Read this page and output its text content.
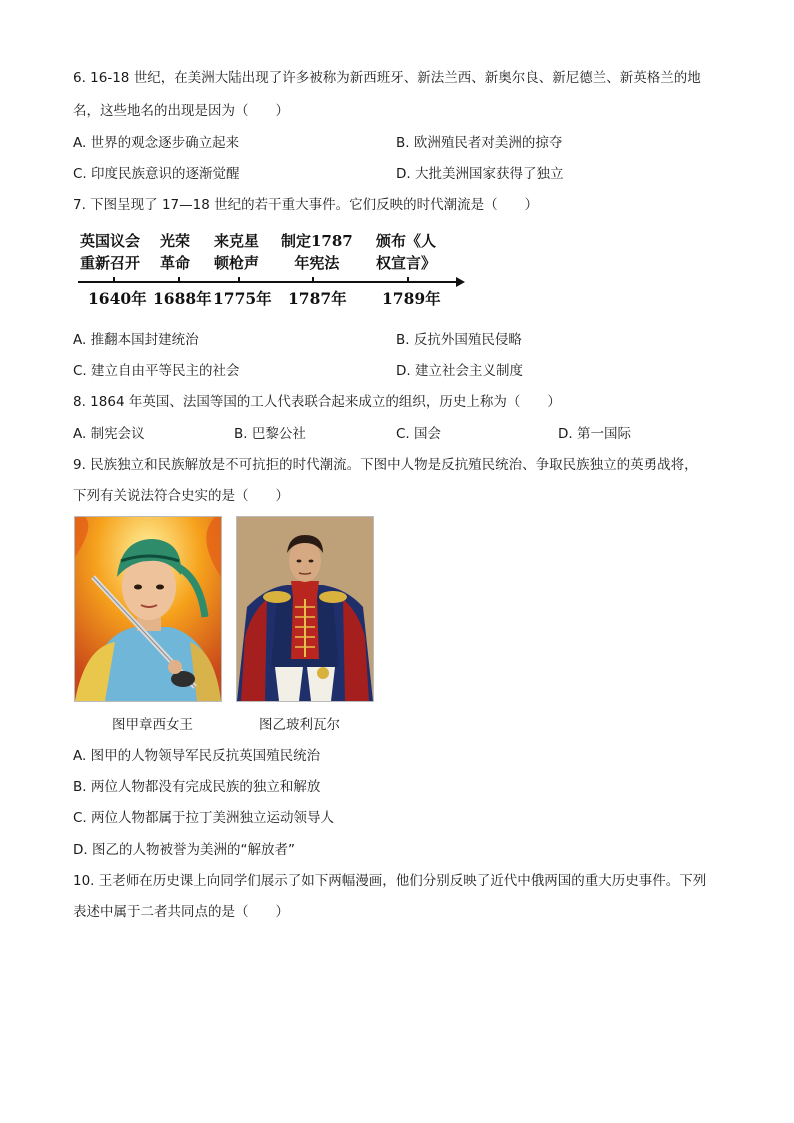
6. 16-18 世纪，在美洲大陆出现了许多被称为新西班牙、新法兰西、新奥尔良、新尼德兰、新英格兰的地
名，这些地名的出现是因为（　　）
A. 世界的观念逐步确立起来	B. 欧洲殖民者对美洲的掠夺
C. 印度民族意识的逐渐觉醒	D. 大批美洲国家获得了独立
7. 下图呈现了 17—18 世纪的若干重大事件。它们反映的时代潮流是（　　）
英国议会
重新召开
光荣
革命
来克星
顿枪声
制定1787
年宪法
颁布《人
权宣言》
1640年 1688年 1775年 1787年 1789年
A. 推翻本国封建统治	B. 反抗外国殖民侵略
C. 建立自由平等民主的社会	D. 建立社会主义制度
8. 1864 年英国、法国等国的工人代表联合起来成立的组织，历史上称为（　　）
A. 制宪会议	B. 巴黎公社	C. 国会	D. 第一国际
9. 民族独立和民族解放是不可抗拒的时代潮流。下图中人物是反抗殖民统治、争取民族独立的英勇战将，
下列有关说法符合史实的是（　　）
图甲章西女王	图乙玻利瓦尔
A. 图甲的人物领导军民反抗英国殖民统治
B. 两位人物都没有完成民族的独立和解放
C. 两位人物都属于拉丁美洲独立运动领导人
D. 图乙的人物被誉为美洲的“解放者”
10. 王老师在历史课上向同学们展示了如下两幅漫画，他们分别反映了近代中俄两国的重大历史事件。下列
表述中属于二者共同点的是（　　）
